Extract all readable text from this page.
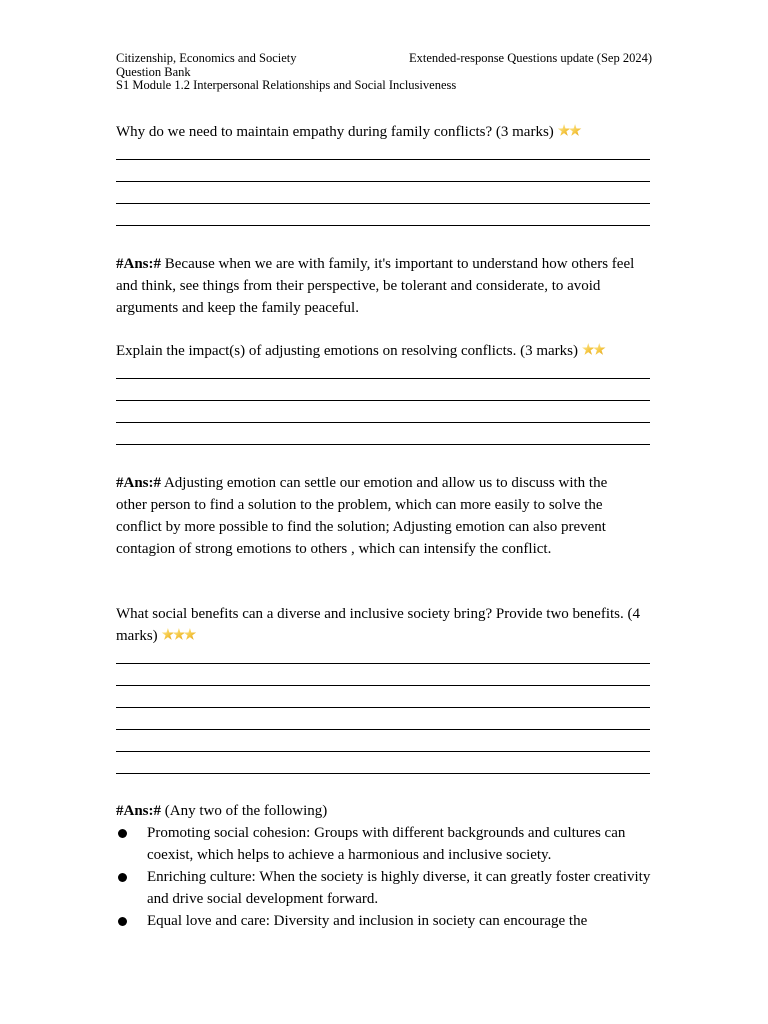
Citizenship, Economics and Society	Extended-response Questions update (Sep 2024)
Question Bank
S1 Module 1.2 Interpersonal Relationships and Social Inclusiveness
Why do we need to maintain empathy during family conflicts? (3 marks)
#Ans:# Because when we are with family, it's important to understand how others feel and think, see things from their perspective, be tolerant and considerate, to avoid arguments and keep the family peaceful.
Explain the impact(s) of adjusting emotions on resolving conflicts. (3 marks)
#Ans:# Adjusting emotion can settle our emotion and allow us to discuss with the other person to find a solution to the problem, which can more easily to solve the conflict by more possible to find the solution; Adjusting emotion can also prevent contagion of strong emotions to others , which can intensify the conflict.
What social benefits can a diverse and inclusive society bring? Provide two benefits. (4 marks)
#Ans:# (Any two of the following)
Promoting social cohesion: Groups with different backgrounds and cultures can coexist, which helps to achieve a harmonious and inclusive society.
Enriching culture: When the society is highly diverse, it can greatly foster creativity and drive social development forward.
Equal love and care: Diversity and inclusion in society can encourage the
